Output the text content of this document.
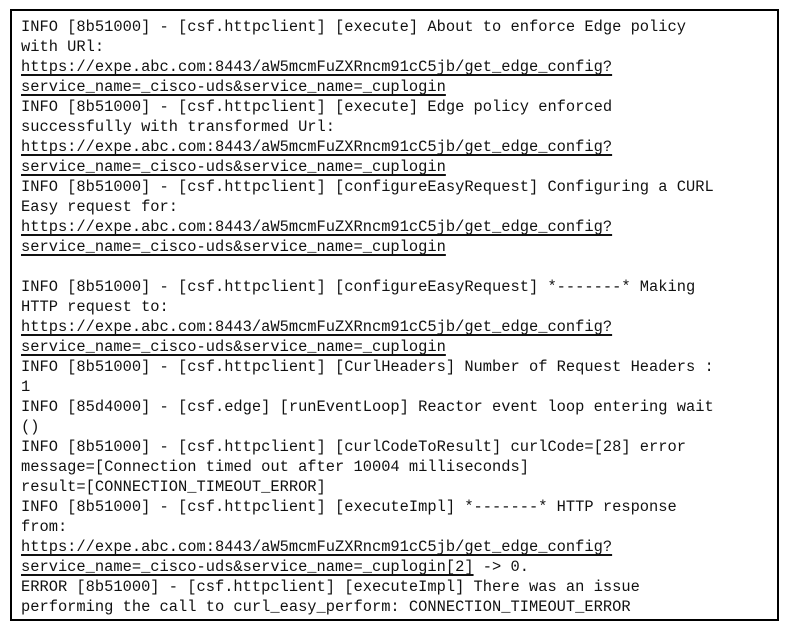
INFO [8b51000] - [csf.httpclient] [execute] About to enforce Edge policy
with URl:
https://expe.abc.com:8443/aW5mcmFuZXRncm91cC5jb/get_edge_config?
service_name=_cisco-uds&service_name=_cuplogin
INFO [8b51000] - [csf.httpclient] [execute] Edge policy enforced
successfully with transformed Url:
https://expe.abc.com:8443/aW5mcmFuZXRncm91cC5jb/get_edge_config?
service_name=_cisco-uds&service_name=_cuplogin
INFO [8b51000] - [csf.httpclient] [configureEasyRequest] Configuring a CURL
Easy request for:
https://expe.abc.com:8443/aW5mcmFuZXRncm91cC5jb/get_edge_config?
service_name=_cisco-uds&service_name=_cuplogin
INFO [8b51000] - [csf.httpclient] [configureEasyRequest] *-------* Making
HTTP request to:
https://expe.abc.com:8443/aW5mcmFuZXRncm91cC5jb/get_edge_config?
service_name=_cisco-uds&service_name=_cuplogin
INFO [8b51000] - [csf.httpclient] [CurlHeaders] Number of Request Headers :
1
INFO [85d4000] - [csf.edge] [runEventLoop] Reactor event loop entering wait
()
INFO [8b51000] - [csf.httpclient] [curlCodeToResult] curlCode=[28] error
message=[Connection timed out after 10004 milliseconds]
result=[CONNECTION_TIMEOUT_ERROR]
INFO [8b51000] - [csf.httpclient] [executeImpl] *-------* HTTP response
from:
https://expe.abc.com:8443/aW5mcmFuZXRncm91cC5jb/get_edge_config?
service_name=_cisco-uds&service_name=_cuplogin[2] -> 0.
ERROR [8b51000] - [csf.httpclient] [executeImpl] There was an issue
performing the call to curl_easy_perform: CONNECTION_TIMEOUT_ERROR
